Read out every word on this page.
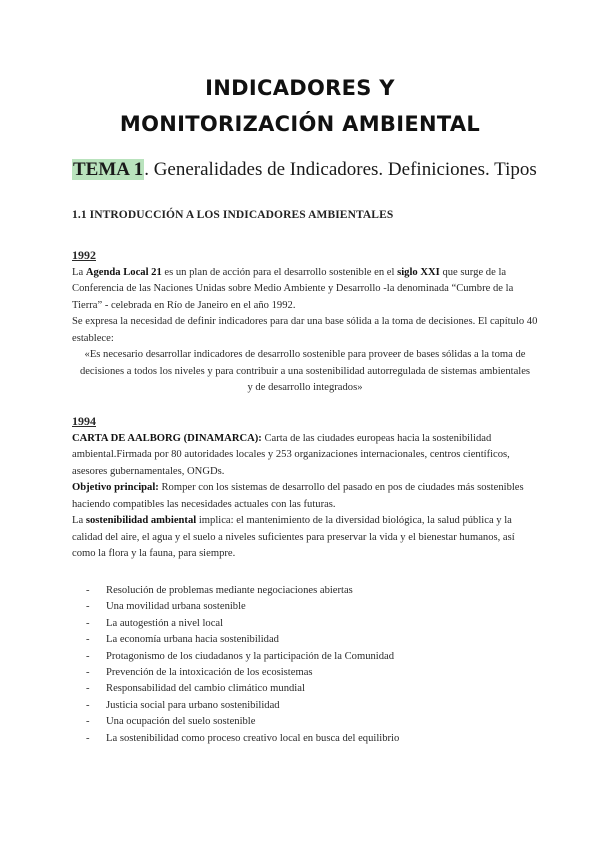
INDICADORES Y
MONITORIZACIÓN AMBIENTAL
TEMA 1. Generalidades de Indicadores. Definiciones. Tipos
1.1 INTRODUCCIÓN A LOS INDICADORES AMBIENTALES
1992
La Agenda Local 21 es un plan de acción para el desarrollo sostenible en el siglo XXI que surge de la Conferencia de las Naciones Unidas sobre Medio Ambiente y Desarrollo -la denominada “Cumbre de la Tierra” - celebrada en Río de Janeiro en el año 1992.
Se expresa la necesidad de definir indicadores para dar una base sólida a la toma de decisiones. El capítulo 40 establece:
«Es necesario desarrollar indicadores de desarrollo sostenible para proveer de bases sólidas a la toma de decisiones a todos los niveles y para contribuir a una sostenibilidad autorregulada de sistemas ambientales y de desarrollo integrados»
1994
CARTA DE AALBORG (DINAMARCA): Carta de las ciudades europeas hacia la sostenibilidad ambiental.Firmada por 80 autoridades locales y 253 organizaciones internacionales, centros científicos, asesores gubernamentales, ONGDs.
Objetivo principal: Romper con los sistemas de desarrollo del pasado en pos de ciudades más sostenibles haciendo compatibles las necesidades actuales con las futuras.
La sostenibilidad ambiental implica: el mantenimiento de la diversidad biológica, la salud pública y la calidad del aire, el agua y el suelo a niveles suficientes para preservar la vida y el bienestar humanos, así como la flora y la fauna, para siempre.
- Resolución de problemas mediante negociaciones abiertas
- Una movilidad urbana sostenible
- La autogestión a nivel local
- La economía urbana hacia sostenibilidad
- Protagonismo de los ciudadanos y la participación de la Comunidad
- Prevención de la intoxicación de los ecosistemas
- Responsabilidad del cambio climático mundial
- Justicia social para urbano sostenibilidad
- Una ocupación del suelo sostenible
- La sostenibilidad como proceso creativo local en busca del equilibrio
